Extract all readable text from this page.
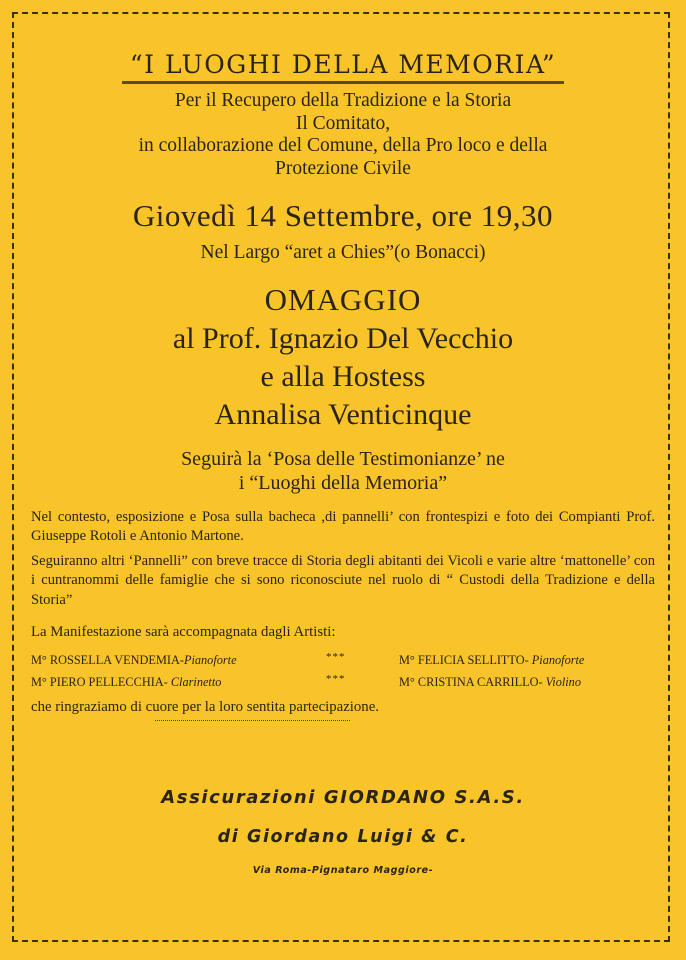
“I LUOGHI DELLA MEMORIA”
Per il Recupero della Tradizione e la Storia
Il Comitato,
in collaborazione del Comune, della Pro loco e della
Protezione Civile
Giovedì 14 Settembre, ore 19,30
Nel Largo “aret a Chies”(o Bonacci)
OMAGGIO
al Prof. Ignazio Del Vecchio
e alla Hostess
Annalisa Venticinque
Seguirà la ‘Posa delle Testimonianze’ ne
i “Luoghi della Memoria”
Nel contesto, esposizione e Posa sulla bacheca ,di pannelli’ con frontespizi e foto dei Compianti Prof. Giuseppe Rotoli e Antonio Martone.
Seguiranno altri ‘Pannelli” con breve tracce di Storia degli abitanti dei Vicoli e varie altre ‘mattonelle’ con i cuntranommi delle famiglie che si sono riconosciute nel ruolo di “ Custodi della Tradizione e della Storia”
La Manifestazione sarà accompagnata dagli Artisti:
M° ROSSELLA VENDEMIA-Pianoforte	***	M° FELICIA SELLITTO- Pianoforte
M° PIERO PELLECCHIA- Clarinetto	***	M° CRISTINA CARRILLO- Violino
che ringraziamo di cuore per la loro sentita partecipazione.
Assicurazioni GIORDANO S.A.S.
di Giordano Luigi & C.
Via Roma-Pignataro Maggiore-
